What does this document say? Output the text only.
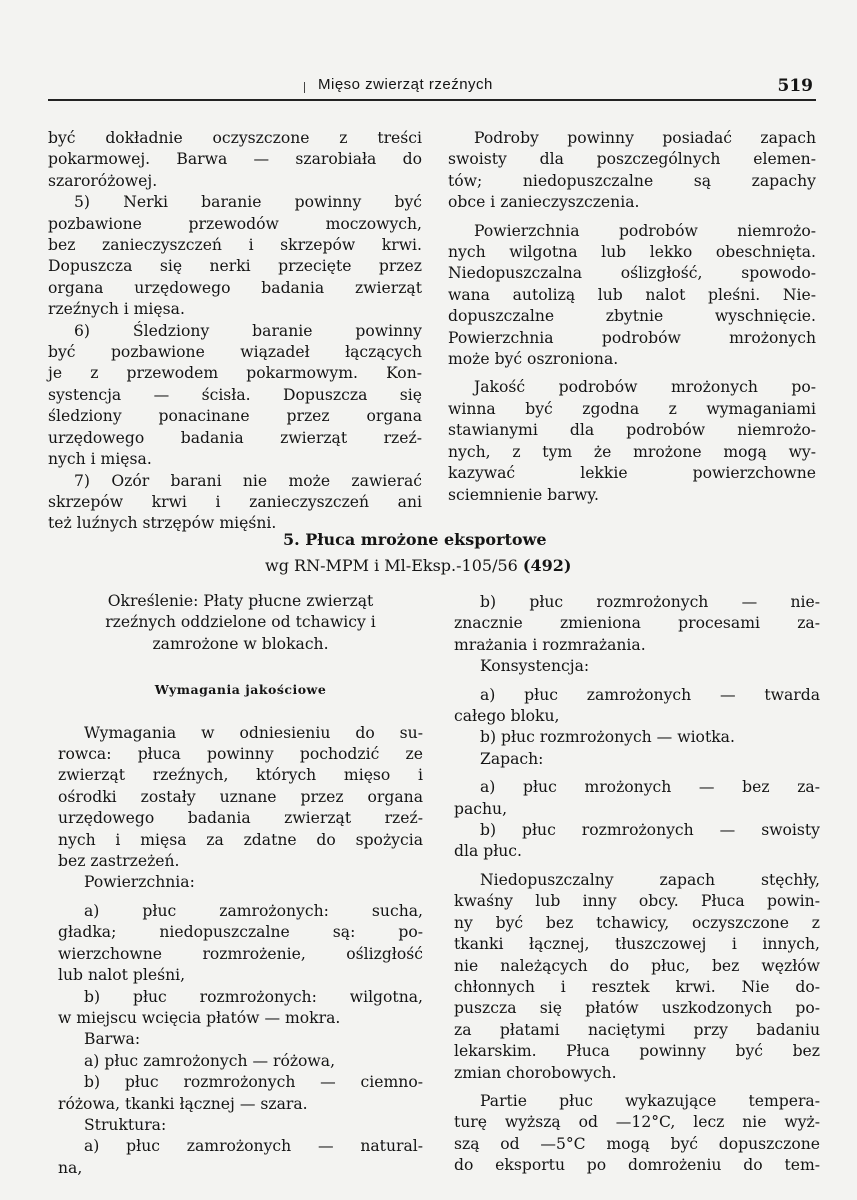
Mięso zwierząt rzeźnych	519

być dokładnie oczyszczone z treści

pokarmowej. Barwa — szarobiała do

szaroróżowej.

5) Nerki baranie powinny być

pozbawione przewodów moczowych,

bez zanieczyszczeń i skrzepów krwi.

Dopuszcza się nerki przecięte przez

organa urzędowego badania zwierząt

rzeźnych i mięsa.

6) Śledziony baranie powinny

być pozbawione wiązadeł łączących

je z przewodem pokarmowym. Kon-

systencja — ścisła. Dopuszcza się

śledziony ponacinane przez organa

urzędowego badania zwierząt rzeź-

nych i mięsa.

7) Ozór barani nie może zawierać

skrzepów krwi i zanieczyszczeń ani

też luźnych strzępów mięśni.

Podroby powinny posiadać zapach

swoisty dla poszczególnych elemen-

tów; niedopuszczalne są zapachy

obce i zanieczyszczenia.

Powierzchnia podrobów niemrożo-

nych wilgotna lub lekko obeschnięta.

Niedopuszczalna oślizgłość, spowodo-

wana autolizą lub nalot pleśni. Nie-

dopuszczalne zbytnie wyschnięcie.

Powierzchnia podrobów mrożonych

może być oszroniona.

Jakość podrobów mrożonych po-

winna być zgodna z wymaganiami

stawianymi dla podrobów niemrożo-

nych, z tym że mrożone mogą wy-

kazywać lekkie powierzchowne

sciemnienie barwy.

5. Płuca mrożone eksportowe
wg RN-MPM i Ml-Eksp.-105/56 (492)

Określenie: Płaty płucne zwierząt

rzeźnych oddzielone od tchawicy i

zamrożone w blokach.

Wymagania jakościowe

Wymagania w odniesieniu do su-

rowca: płuca powinny pochodzić ze

zwierząt rzeźnych, których mięso i

ośrodki zostały uznane przez organa

urzędowego badania zwierząt rzeź-

nych i mięsa za zdatne do spożycia

bez zastrzeżeń.

Powierzchnia:

a) płuc zamrożonych: sucha,

gładka; niedopuszczalne są: po-

wierzchowne rozmrożenie, oślizgłość

lub nalot pleśni,

b) płuc rozmrożonych: wilgotna,

w miejscu wcięcia płatów — mokra.

Barwa:

a) płuc zamrożonych — różowa,

b) płuc rozmrożonych — ciemno-

różowa, tkanki łącznej — szara.

Struktura:

a) płuc zamrożonych — natural-

na,

b) płuc rozmrożonych — nie-

znacznie zmieniona procesami za-

mrażania i rozmrażania.

Konsystencja:

a) płuc zamrożonych — twarda

całego bloku,

b) płuc rozmrożonych — wiotka.

Zapach:

a) płuc mrożonych — bez za-

pachu,

b) płuc rozmrożonych — swoisty

dla płuc.

Niedopuszczalny zapach stęchły,

kwaśny lub inny obcy. Płuca powin-

ny być bez tchawicy, oczyszczone z

tkanki łącznej, tłuszczowej i innych,

nie należących do płuc, bez węzłów

chłonnych i resztek krwi. Nie do-

puszcza się płatów uszkodzonych po-

za płatami naciętymi przy badaniu

lekarskim. Płuca powinny być bez

zmian chorobowych.

Partie płuc wykazujące tempera-

turę wyższą od —12°C, lecz nie wyż-

szą od —5°C mogą być dopuszczone

do eksportu po domrożeniu do tem-
